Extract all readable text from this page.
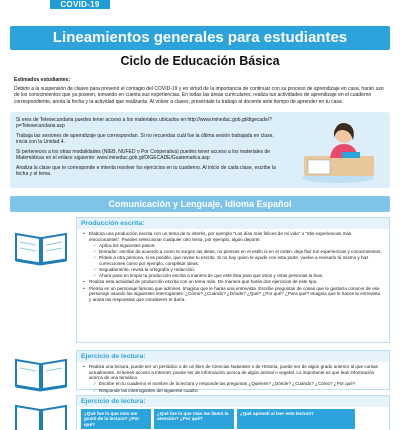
COVID-19
Lineamientos generales para estudiantes
Ciclo de Educación Básica
Estimados estudiantes:
Debido a la suspensión de clases para prevenir el contagio del COVID-19 y en virtud de la importancia de continuar con su proceso de aprendizaje en casa, harán uso de los conocimientos que ya poseen, tomando en cuenta sus experiencias. En todas las áreas curriculares, realiza tus actividades de aprendizaje en el cuaderno correspondiente, anota la fecha y la actividad que realizarás. Al volver a clases, preséntale tu trabajo al docente ante tiempo de aprender en tu casa.

Si eres de Telesecundaria puedes tener acceso a los materiales ubicados en http://www.mineduc.gob.gt/digecade/?p=Telesecundaria.asp

Trabaja las sesiones de aprendizaje que correspondan. Si no recuerdas cuál fue la última sesión trabajada en clase, inicia con la Unidad 4.

Si perteneces a los otras modalidades (NIEB, NUFED o Por Cooperativa) puedes tener acceso a los materiales de Matemáticas en el enlace siguiente: www.mineduc.gob.gt/DIGECADE/Guatematica.asp

Analiza la clase que te corresponde e intenta resolver los ejercicios en tu cuaderno. Al inicio de cada clase, escribe la fecha y el tema.

Comunicación y Lenguaje, Idioma Español
Producción escrita:
• Elabora una producción escrita con un tema de tu interés, por ejemplo "Los días más felices de mi vida" o "Mis experiencias más emocionantes". Puedes seleccionar cualquier otro tema, por ejemplo, algún deporte.
✓ Aplica los siguientes pasos:
✓ Borrador: escribe de acuerdo a como te surgen las ideas, no pienses en el estilo ni en el orden, deja fluir tus experiencias y conocimientos.
✓ Pídele a otra persona, si es posible, que revise tu escrito. Si no hay quien te ayude con esta parte, vuelve a revisarlo tú mismo y haz correcciones como por ejemplo, completar ideas.
✓ Seguidamente, revisa la ortografía y redacción.
✓ Ahora pasa en limpio tu producción escrita a manera de que esté lista para que otros y otras personas la lean.
• Realiza esta actividad de producción escrita con un tema más. De manera que harás dos ejercicios de este tipo.
• Piensa en un personaje famoso que admires. Imagina que le harás una entrevista. Escribe preguntas de cosas que te gustaría conocer de ese personaje usando las siguientes interrogantes: ¿Cómo? ¿Cuándo? ¿Dónde? ¿Qué? ¿Por qué? ¿Para qué? Imagina que le haces la entrevista y anota las respuestas que consideres te daría.
Ejercicio de lectura:
• Realiza una lectura, puede ser un periódico o de un libro de Ciencias Naturales o de Historia, puede ser de algún grado anterior al que cursas actualmente. Si tienes acceso a Internet, puede ser de información acerca de algún animal o vegetal. Lo importante es que leas información acerca de una temática.
✓ Escribe en tu cuaderno el nombre de la lectura y responde las preguntas ¿Quiénes? ¿Dónde? ¿Cuándo? ¿Cómo? ¿Por qué?
✓ Responde las interrogantes del siguiente cuadro.
Ejercicio de lectura:
¿Qué fue lo que más me gustó de la lectura? ¿Por qué?
¿Qué fue lo que más me llamó la atención? ¿Por qué?
¿Qué aprendí al leer este lectura?
